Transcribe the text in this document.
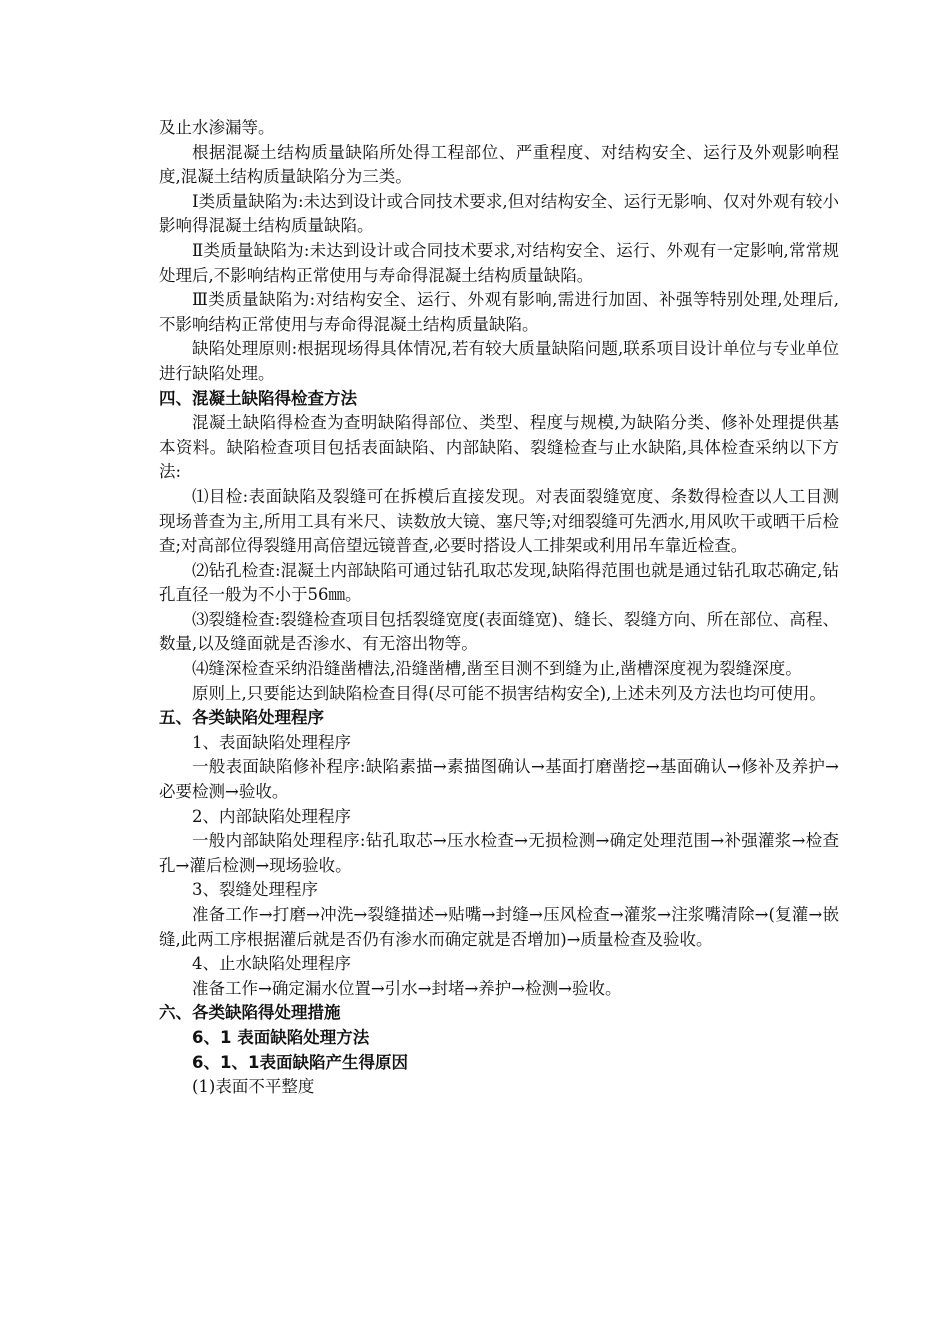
及止水渗漏等。

根据混凝土结构质量缺陷所处得工程部位、严重程度、对结构安全、运行及外观影响程度,混凝土结构质量缺陷分为三类。

Ⅰ类质量缺陷为:未达到设计或合同技术要求,但对结构安全、运行无影响、仅对外观有较小影响得混凝土结构质量缺陷。

Ⅱ类质量缺陷为:未达到设计或合同技术要求,对结构安全、运行、外观有一定影响,常常规处理后,不影响结构正常使用与寿命得混凝土结构质量缺陷。

Ⅲ类质量缺陷为:对结构安全、运行、外观有影响,需进行加固、补强等特别处理,处理后,不影响结构正常使用与寿命得混凝土结构质量缺陷。

缺陷处理原则:根据现场得具体情况,若有较大质量缺陷问题,联系项目设计单位与专业单位进行缺陷处理。

四、混凝土缺陷得检查方法

混凝土缺陷得检查为查明缺陷得部位、类型、程度与规模,为缺陷分类、修补处理提供基本资料。缺陷检查项目包括表面缺陷、内部缺陷、裂缝检查与止水缺陷,具体检查采纳以下方法:

⑴目检:表面缺陷及裂缝可在拆模后直接发现。对表面裂缝宽度、条数得检查以人工目测现场普查为主,所用工具有米尺、读数放大镜、塞尺等;对细裂缝可先洒水,用风吹干或晒干后检查;对高部位得裂缝用高倍望远镜普查,必要时搭设人工排架或利用吊车靠近检查。

⑵钻孔检查:混凝土内部缺陷可通过钻孔取芯发现,缺陷得范围也就是通过钻孔取芯确定,钻孔直径一般为不小于56㎜。

⑶裂缝检查:裂缝检查项目包括裂缝宽度(表面缝宽)、缝长、裂缝方向、所在部位、高程、数量,以及缝面就是否渗水、有无溶出物等。

⑷缝深检查采纳沿缝凿槽法,沿缝凿槽,凿至目测不到缝为止,凿槽深度视为裂缝深度。

原则上,只要能达到缺陷检查目得(尽可能不损害结构安全),上述未列及方法也均可使用。

五、各类缺陷处理程序

1、表面缺陷处理程序

一般表面缺陷修补程序:缺陷素描→素描图确认→基面打磨凿挖→基面确认→修补及养护→必要检测→验收。

2、内部缺陷处理程序

一般内部缺陷处理程序:钻孔取芯→压水检查→无损检测→确定处理范围→补强灌浆→检查孔→灌后检测→现场验收。

3、裂缝处理程序

准备工作→打磨→冲洗→裂缝描述→贴嘴→封缝→压风检查→灌浆→注浆嘴清除→(复灌→嵌缝,此两工序根据灌后就是否仍有渗水而确定就是否增加)→质量检查及验收。

4、止水缺陷处理程序

准备工作→确定漏水位置→引水→封堵→养护→检测→验收。

六、各类缺陷得处理措施

6、1 表面缺陷处理方法

6、1、1表面缺陷产生得原因

(1)表面不平整度
